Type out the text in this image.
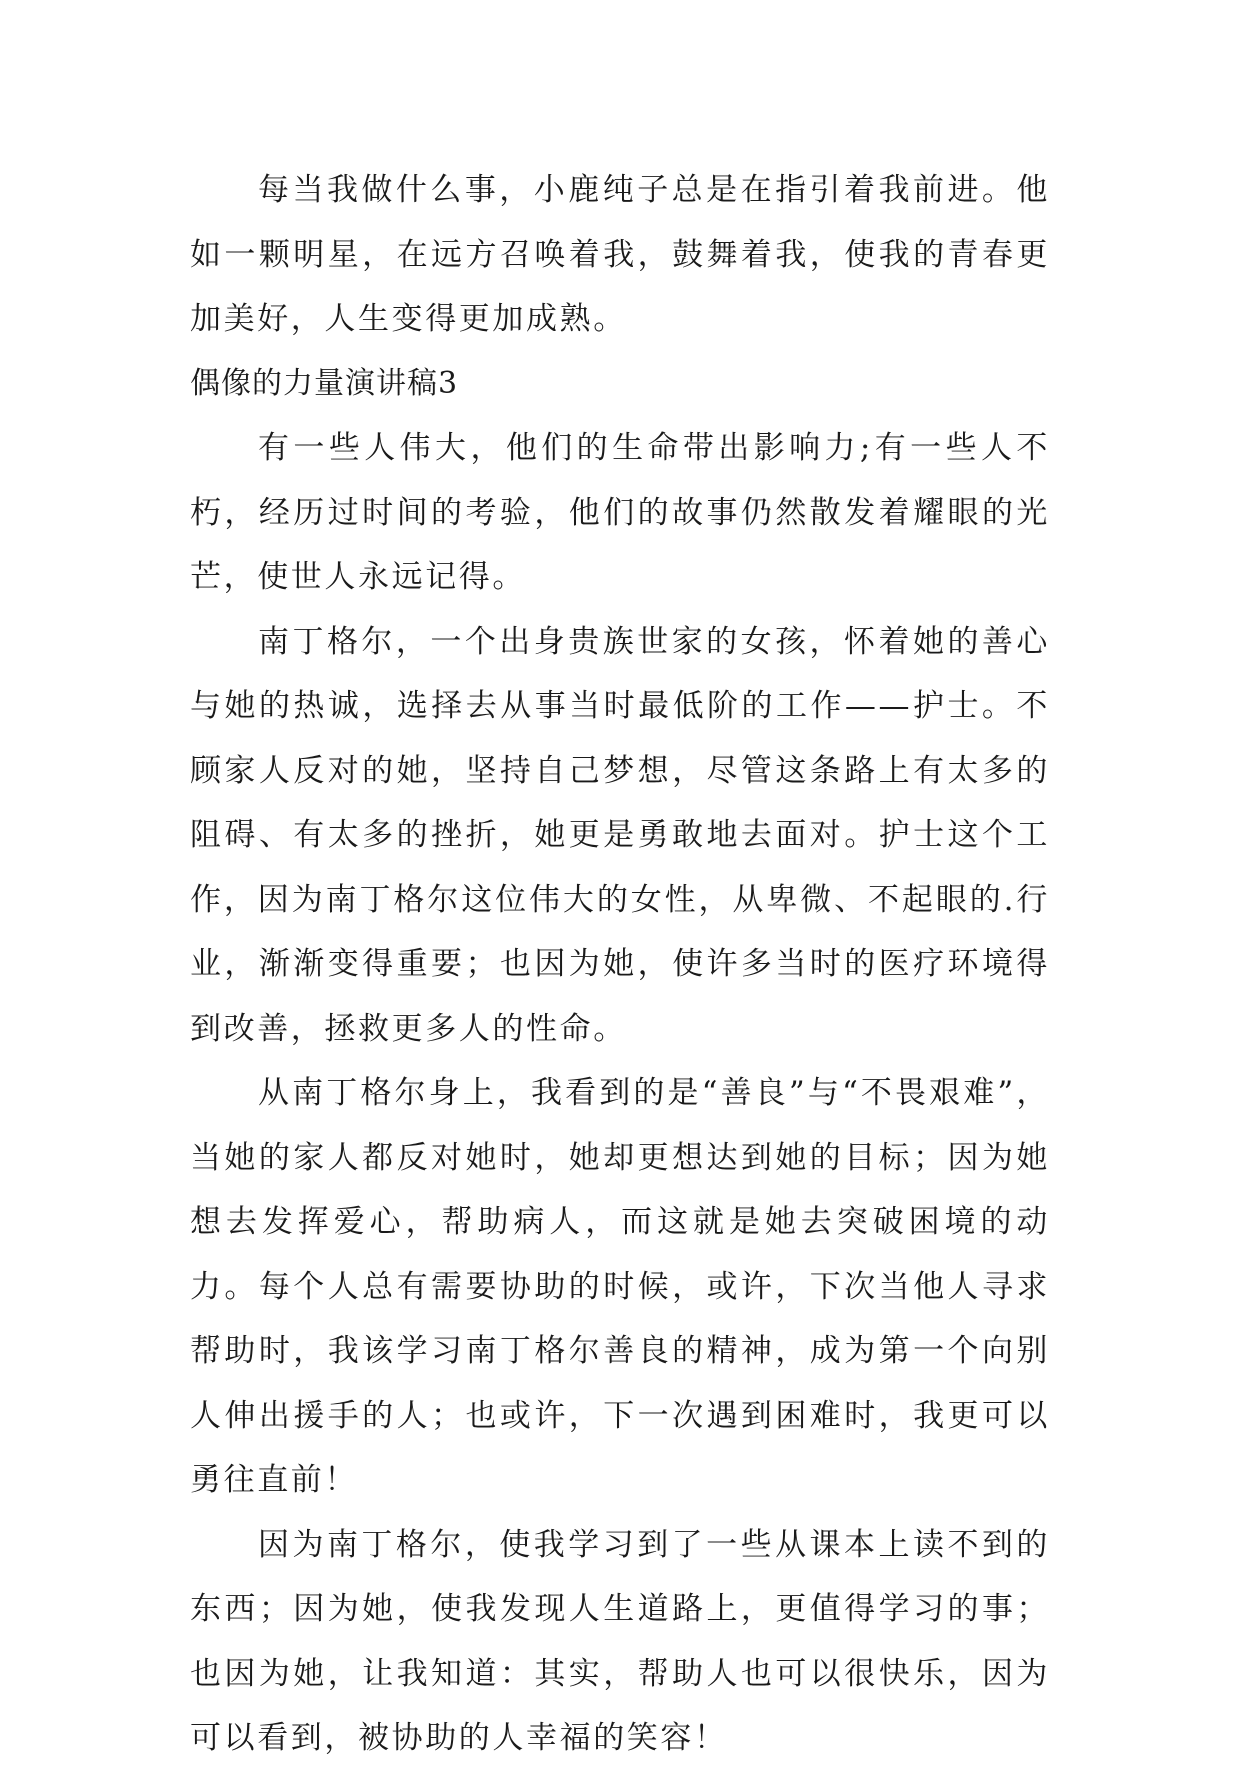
每当我做什么事，小鹿纯子总是在指引着我前进。他如一颗明星，在远方召唤着我，鼓舞着我，使我的青春更加美好，人生变得更加成熟。

偶像的力量演讲稿3

有一些人伟大，他们的生命带出影响力;有一些人不朽，经历过时间的考验，他们的故事仍然散发着耀眼的光芒，使世人永远记得。

南丁格尔，一个出身贵族世家的女孩，怀着她的善心与她的热诚，选择去从事当时最低阶的工作——护士。不顾家人反对的她，坚持自己梦想，尽管这条路上有太多的阻碍、有太多的挫折，她更是勇敢地去面对。护士这个工作，因为南丁格尔这位伟大的女性，从卑微、不起眼的.行业，渐渐变得重要；也因为她，使许多当时的医疗环境得到改善，拯救更多人的性命。

从南丁格尔身上，我看到的是“善良”与“不畏艰难”，当她的家人都反对她时，她却更想达到她的目标；因为她想去发挥爱心，帮助病人，而这就是她去突破困境的动力。每个人总有需要协助的时候，或许，下次当他人寻求帮助时，我该学习南丁格尔善良的精神，成为第一个向别人伸出援手的人；也或许，下一次遇到困难时，我更可以勇往直前！

因为南丁格尔，使我学习到了一些从课本上读不到的东西；因为她，使我发现人生道路上，更值得学习的事；也因为她，让我知道：其实，帮助人也可以很快乐，因为可以看到，被协助的人幸福的笑容！
